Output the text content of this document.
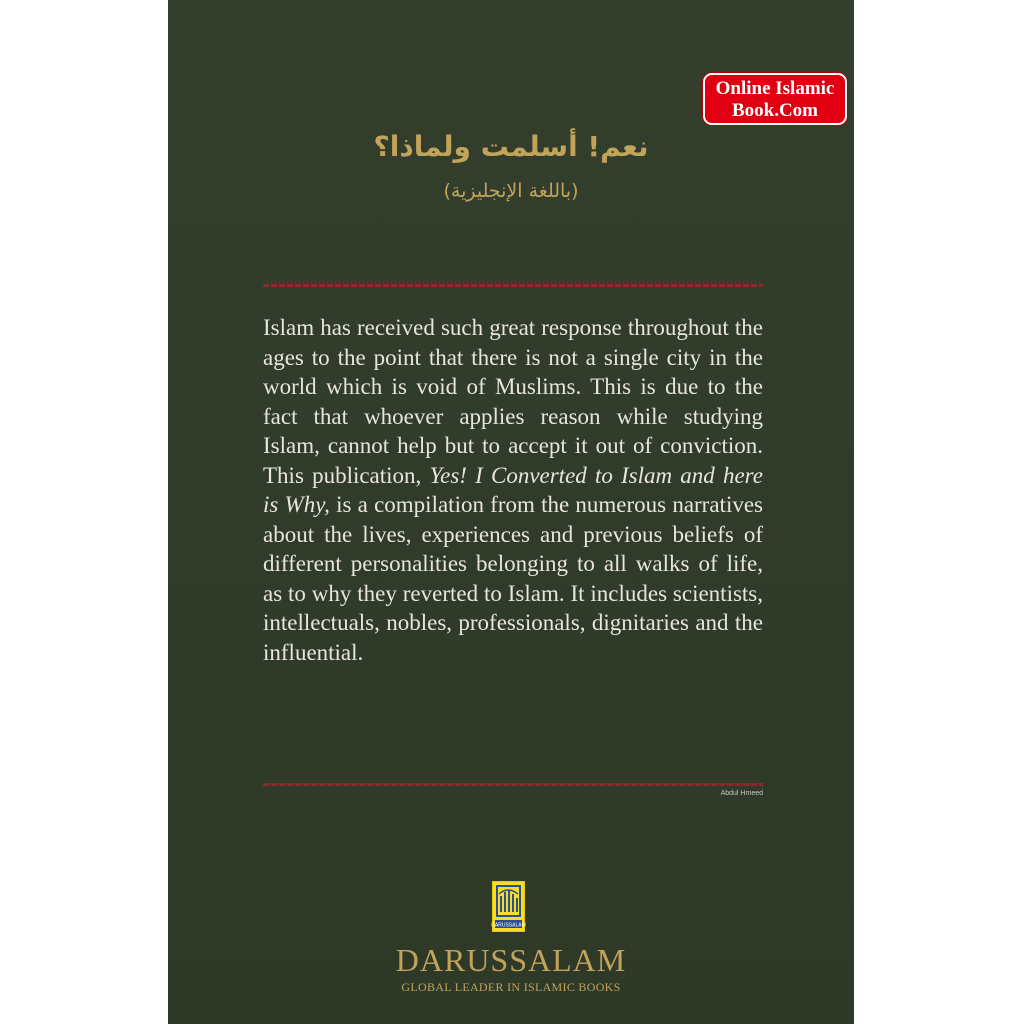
نعم! أسلمت ولماذا؟
(باللغة الإنجليزية)
Islam has received such great response throughout the ages to the point that there is not a single city in the world which is void of Muslims. This is due to the fact that whoever applies reason while studying Islam, cannot help but to accept it out of conviction. This publication, Yes! I Converted to Islam and here is Why, is a compilation from the numerous narratives about the lives, experiences and previous beliefs of different personalities belonging to all walks of life, as to why they reverted to Islam. It includes scientists, intellectuals, nobles, professionals, dignitaries and the influential.
Abdul Hmeed
DARUSSALAM
DARUSSALAM
GLOBAL LEADER IN ISLAMIC BOOKS
Online Islamic
Book.Com
